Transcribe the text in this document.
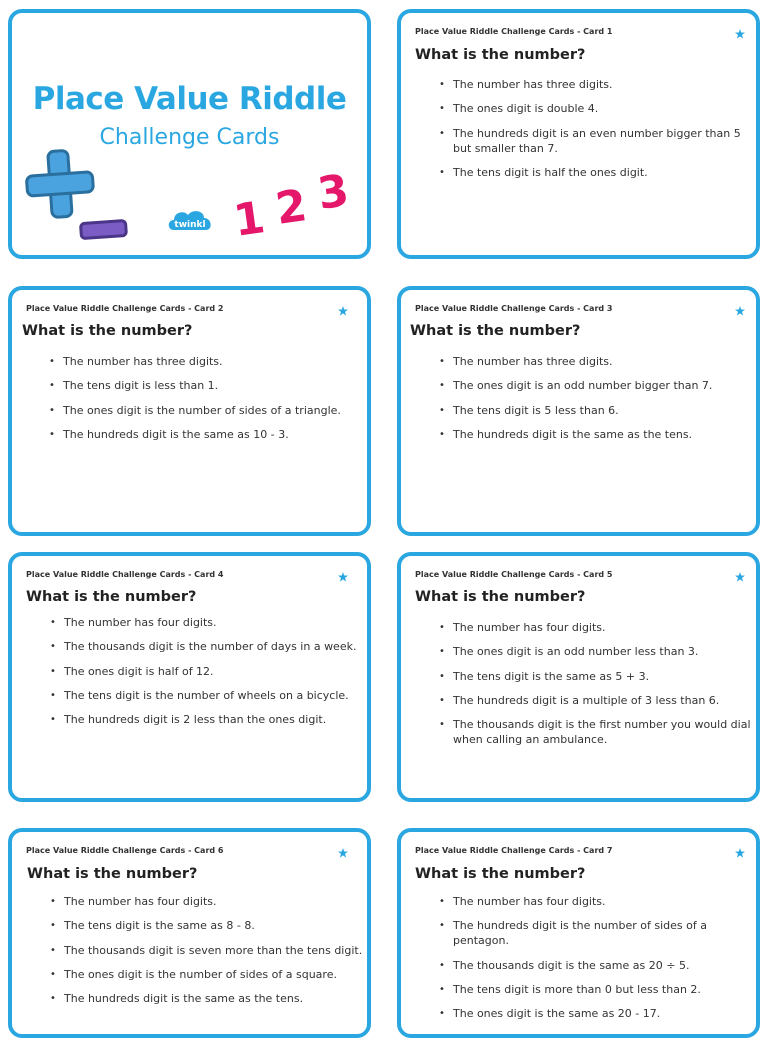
Place Value Riddle
Challenge Cards
twinkl 1 2 3
Place Value Riddle Challenge Cards - Card 1
What is the number?
• The number has three digits.
• The ones digit is double 4.
• The hundreds digit is an even number bigger than 5 but smaller than 7.
• The tens digit is half the ones digit.
Place Value Riddle Challenge Cards - Card 2
What is the number?
• The number has three digits.
• The tens digit is less than 1.
• The ones digit is the number of sides of a triangle.
• The hundreds digit is the same as 10 - 3.
Place Value Riddle Challenge Cards - Card 3
What is the number?
• The number has three digits.
• The ones digit is an odd number bigger than 7.
• The tens digit is 5 less than 6.
• The hundreds digit is the same as the tens.
Place Value Riddle Challenge Cards - Card 4
What is the number?
• The number has four digits.
• The thousands digit is the number of days in a week.
• The ones digit is half of 12.
• The tens digit is the number of wheels on a bicycle.
• The hundreds digit is 2 less than the ones digit.
Place Value Riddle Challenge Cards - Card 5
What is the number?
• The number has four digits.
• The ones digit is an odd number less than 3.
• The tens digit is the same as 5 + 3.
• The hundreds digit is a multiple of 3 less than 6.
• The thousands digit is the first number you would dial when calling an ambulance.
Place Value Riddle Challenge Cards - Card 6
What is the number?
• The number has four digits.
• The tens digit is the same as 8 - 8.
• The thousands digit is seven more than the tens digit.
• The ones digit is the number of sides of a square.
• The hundreds digit is the same as the tens.
Place Value Riddle Challenge Cards - Card 7
What is the number?
• The number has four digits.
• The hundreds digit is the number of sides of a pentagon.
• The thousands digit is the same as 20 ÷ 5.
• The tens digit is more than 0 but less than 2.
• The ones digit is the same as 20 - 17.
